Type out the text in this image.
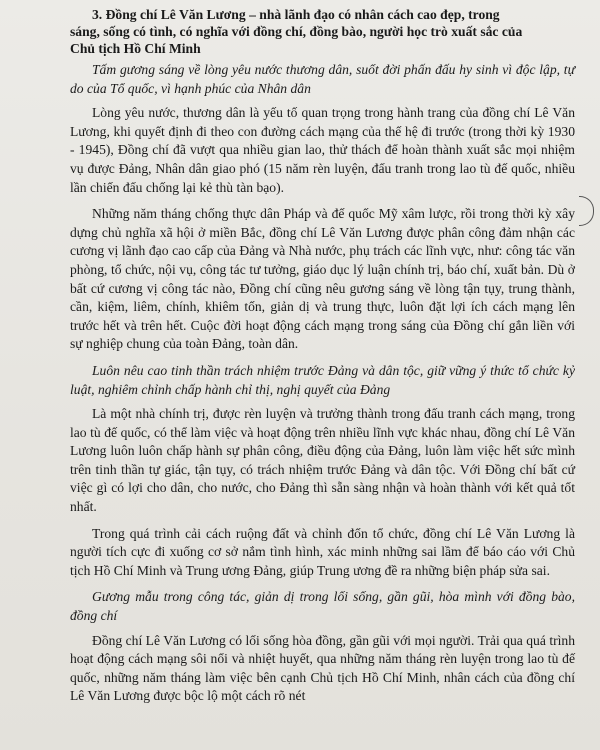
3. Đồng chí Lê Văn Lương – nhà lãnh đạo có nhân cách cao đẹp, trong
sáng, sống có tình, có nghĩa với đồng chí, đồng bào, người học trò xuất sắc của
Chủ tịch Hồ Chí Minh

Tấm gương sáng về lòng yêu nước thương dân, suốt đời phấn đấu hy sinh vì độc lập, tự do của Tổ quốc, vì hạnh phúc của Nhân dân

Lòng yêu nước, thương dân là yếu tố quan trọng trong hành trang của đồng chí Lê Văn Lương, khi quyết định đi theo con đường cách mạng của thế hệ đi trước (trong thời kỳ 1930 - 1945), Đồng chí đã vượt qua nhiều gian lao, thử thách để hoàn thành xuất sắc mọi nhiệm vụ được Đảng, Nhân dân giao phó (15 năm rèn luyện, đấu tranh trong lao tù đế quốc, nhiều lần chiến đấu chống lại kẻ thù tàn bạo).

Những năm tháng chống thực dân Pháp và đế quốc Mỹ xâm lược, rồi trong thời kỳ xây dựng chủ nghĩa xã hội ở miền Bắc, đồng chí Lê Văn Lương được phân công đảm nhận các cương vị lãnh đạo cao cấp của Đảng và Nhà nước, phụ trách các lĩnh vực, như: công tác văn phòng, tổ chức, nội vụ, công tác tư tưởng, giáo dục lý luận chính trị, báo chí, xuất bản. Dù ở bất cứ cương vị công tác nào, Đồng chí cũng nêu gương sáng về lòng tận tụy, trung thành, cần, kiệm, liêm, chính, khiêm tốn, giản dị và trung thực, luôn đặt lợi ích cách mạng lên trước hết và trên hết. Cuộc đời hoạt động cách mạng trong sáng của Đồng chí gắn liền với sự nghiệp chung của toàn Đảng, toàn dân.

Luôn nêu cao tinh thần trách nhiệm trước Đảng và dân tộc, giữ vững ý thức tổ chức kỷ luật, nghiêm chỉnh chấp hành chỉ thị, nghị quyết của Đảng

Là một nhà chính trị, được rèn luyện và trưởng thành trong đấu tranh cách mạng, trong lao tù đế quốc, có thể làm việc và hoạt động trên nhiều lĩnh vực khác nhau, đồng chí Lê Văn Lương luôn luôn chấp hành sự phân công, điều động của Đảng, luôn làm việc hết sức mình trên tinh thần tự giác, tận tụy, có trách nhiệm trước Đảng và dân tộc. Với Đồng chí bất cứ việc gì có lợi cho dân, cho nước, cho Đảng thì sẵn sàng nhận và hoàn thành với kết quả tốt nhất.

Trong quá trình cải cách ruộng đất và chỉnh đốn tổ chức, đồng chí Lê Văn Lương là người tích cực đi xuống cơ sở nắm tình hình, xác minh những sai lầm để báo cáo với Chủ tịch Hồ Chí Minh và Trung ương Đảng, giúp Trung ương đề ra những biện pháp sửa sai.

Gương mẫu trong công tác, giản dị trong lối sống, gần gũi, hòa mình với đồng bào, đồng chí

Đồng chí Lê Văn Lương có lối sống hòa đồng, gần gũi với mọi người. Trải qua quá trình hoạt động cách mạng sôi nổi và nhiệt huyết, qua những năm tháng rèn luyện trong lao tù đế quốc, những năm tháng làm việc bên cạnh Chủ tịch Hồ Chí Minh, nhân cách của đồng chí Lê Văn Lương được bộc lộ một cách rõ nét
